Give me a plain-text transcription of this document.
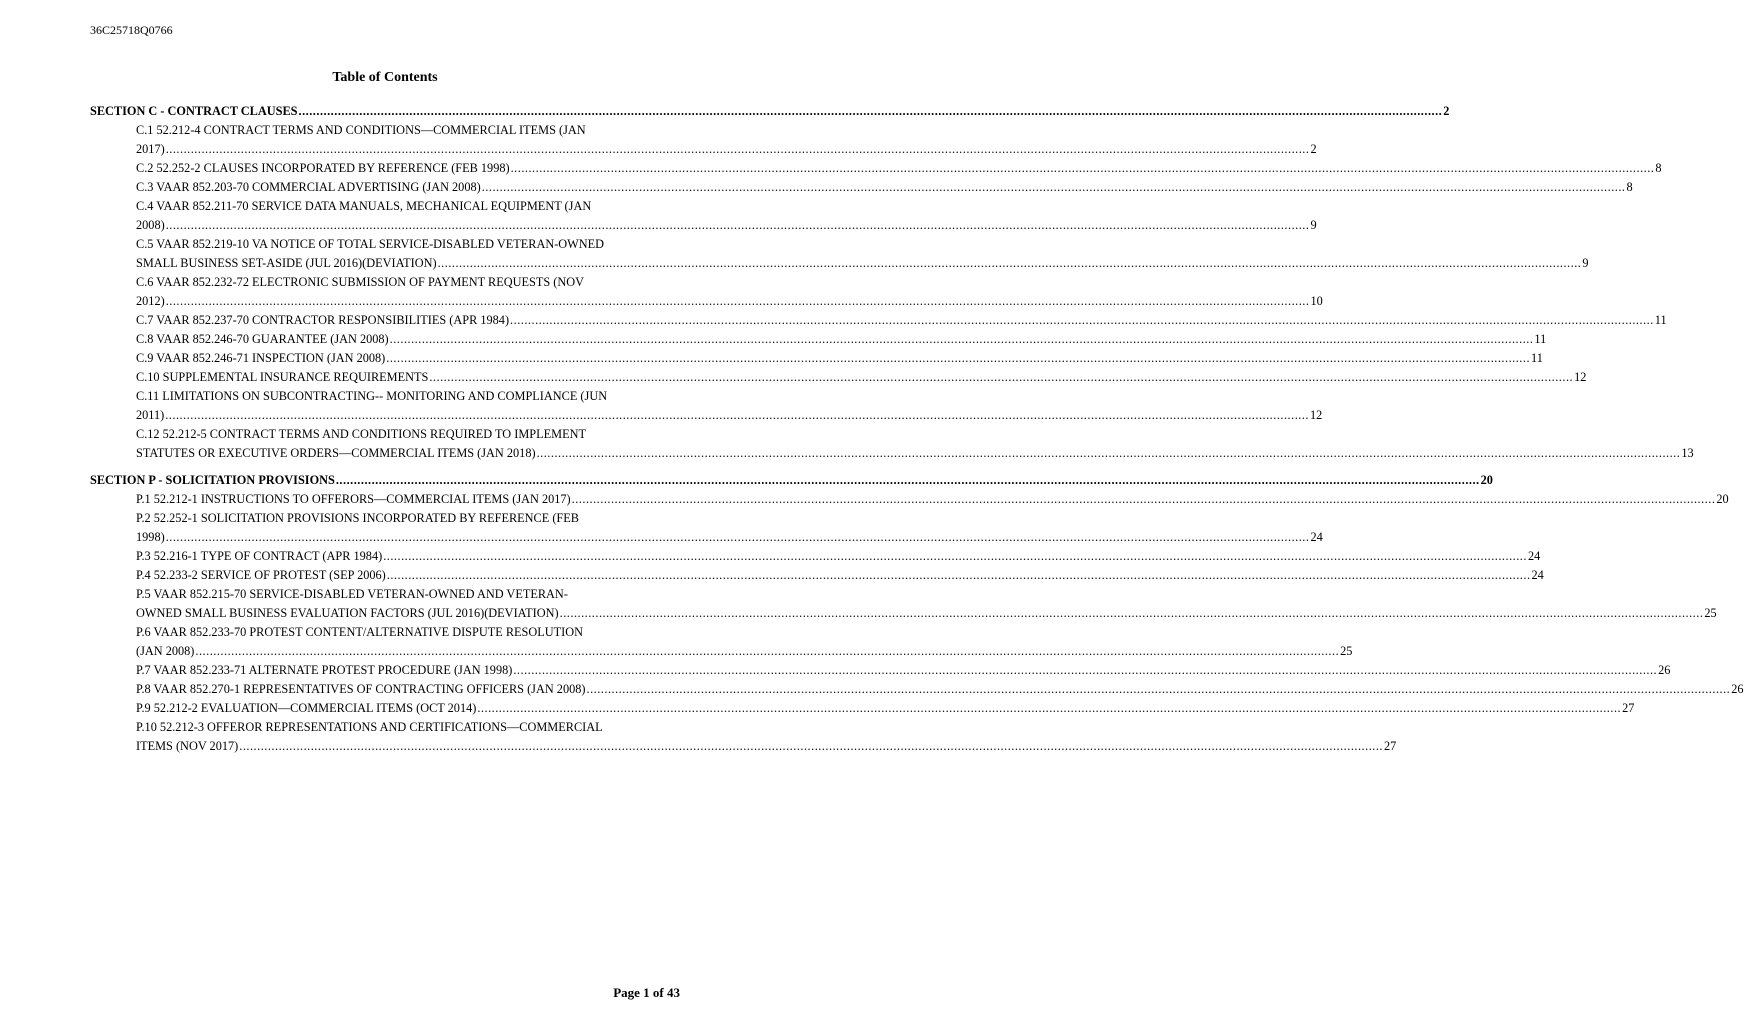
36C25718Q0766
Table of Contents
SECTION C - CONTRACT CLAUSES .....	2
C.1 52.212-4 CONTRACT TERMS AND CONDITIONS—COMMERCIAL ITEMS (JAN
2017) .....	2
C.2 52.252-2 CLAUSES INCORPORATED BY REFERENCE (FEB 1998) .....	8
C.3 VAAR 852.203-70 COMMERCIAL ADVERTISING (JAN 2008) .....	8
C.4 VAAR 852.211-70 SERVICE DATA MANUALS, MECHANICAL EQUIPMENT (JAN
2008) .....	9
C.5 VAAR 852.219-10 VA NOTICE OF TOTAL SERVICE-DISABLED VETERAN-OWNED
SMALL BUSINESS SET-ASIDE (JUL 2016)(DEVIATION) .....	9
C.6 VAAR 852.232-72 ELECTRONIC SUBMISSION OF PAYMENT REQUESTS (NOV
2012) .....	10
C.7 VAAR 852.237-70 CONTRACTOR RESPONSIBILITIES (APR 1984) .....	11
C.8 VAAR 852.246-70 GUARANTEE (JAN 2008) .....	11
C.9 VAAR 852.246-71 INSPECTION (JAN 2008) .....	11
C.10 SUPPLEMENTAL INSURANCE REQUIREMENTS .....	12
C.11 LIMITATIONS ON SUBCONTRACTING-- MONITORING AND COMPLIANCE (JUN
2011) .....	12
C.12 52.212-5 CONTRACT TERMS AND CONDITIONS REQUIRED TO IMPLEMENT
STATUTES OR EXECUTIVE ORDERS—COMMERCIAL ITEMS (JAN 2018) .....	13
SECTION P - SOLICITATION PROVISIONS .....	20
P.1 52.212-1 INSTRUCTIONS TO OFFERORS—COMMERCIAL ITEMS (JAN 2017) .....	20
P.2 52.252-1 SOLICITATION PROVISIONS INCORPORATED BY REFERENCE (FEB
1998) .....	24
P.3 52.216-1 TYPE OF CONTRACT (APR 1984) .....	24
P.4 52.233-2 SERVICE OF PROTEST (SEP 2006) .....	24
P.5 VAAR 852.215-70 SERVICE-DISABLED VETERAN-OWNED AND VETERAN-
OWNED SMALL BUSINESS EVALUATION FACTORS (JUL 2016)(DEVIATION) .....	25
P.6 VAAR 852.233-70 PROTEST CONTENT/ALTERNATIVE DISPUTE RESOLUTION
(JAN 2008) .....	25
P.7 VAAR 852.233-71 ALTERNATE PROTEST PROCEDURE (JAN 1998) .....	26
P.8 VAAR 852.270-1 REPRESENTATIVES OF CONTRACTING OFFICERS (JAN 2008) .....	26
P.9 52.212-2 EVALUATION—COMMERCIAL ITEMS (OCT 2014) .....	27
P.10 52.212-3 OFFEROR REPRESENTATIONS AND CERTIFICATIONS—COMMERCIAL
ITEMS (NOV 2017) .....	27
Page 1 of 43
